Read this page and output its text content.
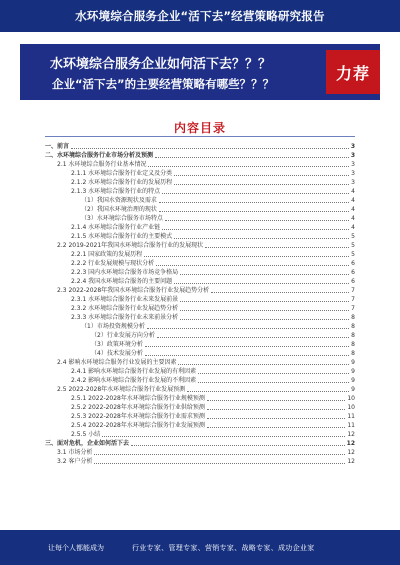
水环境综合服务企业“活下去”经营策略研究报告
水环境综合服务企业如何活下去？？？
企业“活下去”的主要经营策略有哪些？？？
力荐
内容目录
一、前言	3
二、水环境综合服务行业市场分析及预测	3
2.1 水环境综合服务行业基本情况	3
2.1.1 水环境综合服务行业定义及分类	3
2.1.2 水环境综合服务行业的发展历程	3
2.1.3 水环境综合服务行业的特点	4
（1）我国水资源现状及需求	4
（2）我国水环境治理的现状	4
（3）水环境综合服务市场特点	4
2.1.4 水环境综合服务行业产业链	4
2.1.5 水环境综合服务行业的主要模式	5
2.2 2019-2021年我国水环境综合服务行业的发展现状	5
2.2.1 国家政策的发展历程	5
2.2.2 行业发展规模与现状分析	6
2.2.3 国内水环境综合服务市场竞争格局	6
2.2.4 我国水环境综合服务的主要问题	6
2.3 2022-2028年我国水环境综合服务行业发展趋势分析	7
2.3.1 水环境综合服务行业未来发展前景	7
2.3.2 水环境综合服务行业发展趋势分析	7
2.3.3 水环境综合服务行业未来前景分析	8
（1）市场投资规模分析	8
（2）行业发展方向分析	8
（3）政策环境分析	8
（4）技术发展分析	8
2.4 影响水环境综合服务行业发展的主要因素	9
2.4.1 影响水环境综合服务行业发展的有利因素	9
2.4.2 影响水环境综合服务行业发展的不利因素	9
2.5 2022-2028年水环境综合服务行业发展预测	9
2.5.1 2022-2028年水环境综合服务行业规模预测	10
2.5.2 2022-2028年水环境综合服务行业供给预测	10
2.5.3 2022-2028年水环境综合服务行业需求预测	11
2.5.4 2022-2028年水环境综合服务行业发展预测	11
2.5.5 小结	12
三、面对危机，企业如何活下去	12
3.1 市场分析	12
3.2 客户分析	12
让每个人都能成为	行业专家、管理专家、营销专家、战略专家、成功企业家
